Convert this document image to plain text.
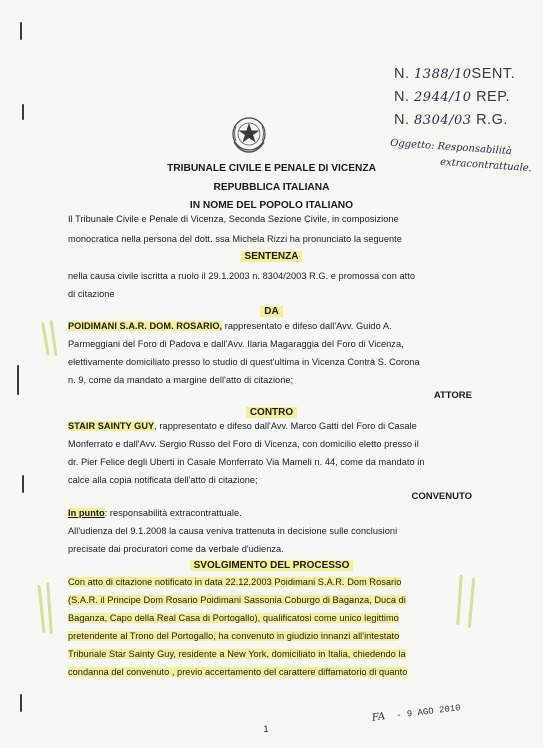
N. 1388/10SENT.
N. 2944/10 REP.
N. 8304/03 R.G.
Oggetto: Responsabilità
extracontrattuale.
TRIBUNALE CIVILE E PENALE DI VICENZA
REPUBBLICA ITALIANA
IN NOME DEL POPOLO ITALIANO
Il Tribunale Civile e Penale di Vicenza, Seconda Sezione Civile, in composizione
monocratica nella persona del dott. ssa Michela Rizzi ha pronunciato la seguente
SENTENZA
nella causa civile iscritta a ruolo il 29.1.2003 n. 8304/2003 R.G. e promossa con atto
di citazione
DA
POIDIMANI S.A.R. DOM. ROSARIO, rappresentato e difeso dall'Avv. Guido A.
Parmeggiani del Foro di Padova e dall'Avv. Ilaria Magaraggia del Foro di Vicenza,
elettivamente domiciliato presso lo studio di quest'ultima in Vicenza Contrà S. Corona
n. 9, come da mandato a margine dell'atto di citazione;
ATTORE
CONTRO
STAIR SAINTY GUY, rappresentato e difeso dall'Avv. Marco Gatti del Foro di Casale
Monferrato e dall'Avv. Sergio Russo del Foro di Vicenza, con domicilio eletto presso il
dr. Pier Felice degli Uberti in Casale Monferrato Via Mameli n. 44, come da mandato in
calce alla copia notificata dell'atto di citazione;
CONVENUTO
In punto: responsabilità extracontrattuale.
All'udienza del 9.1.2008 la causa veniva trattenuta in decisione sulle conclusioni
precisate dai procuratori come da verbale d'udienza.
SVOLGIMENTO DEL PROCESSO
Con atto di citazione notificato in data 22.12.2003 Poidimani S.A.R. Dom Rosario
(S.A.R. il Principe Dom Rosario Poidimani Sassonia Coburgo di Baganza, Duca di
Baganza, Capo della Real Casa di Portogallo), qualificatosi come unico legittimo
pretendente al Trono del Portogallo, ha convenuto in giudizio innanzi all'intestato
Tribunale Star Sainty Guy, residente a New York, domiciliato in Italia, chiedendo la
condanna del convenuto , previo accertamento del carattere diffamatorio di quanto
FA - 9 AGO 2010
1
